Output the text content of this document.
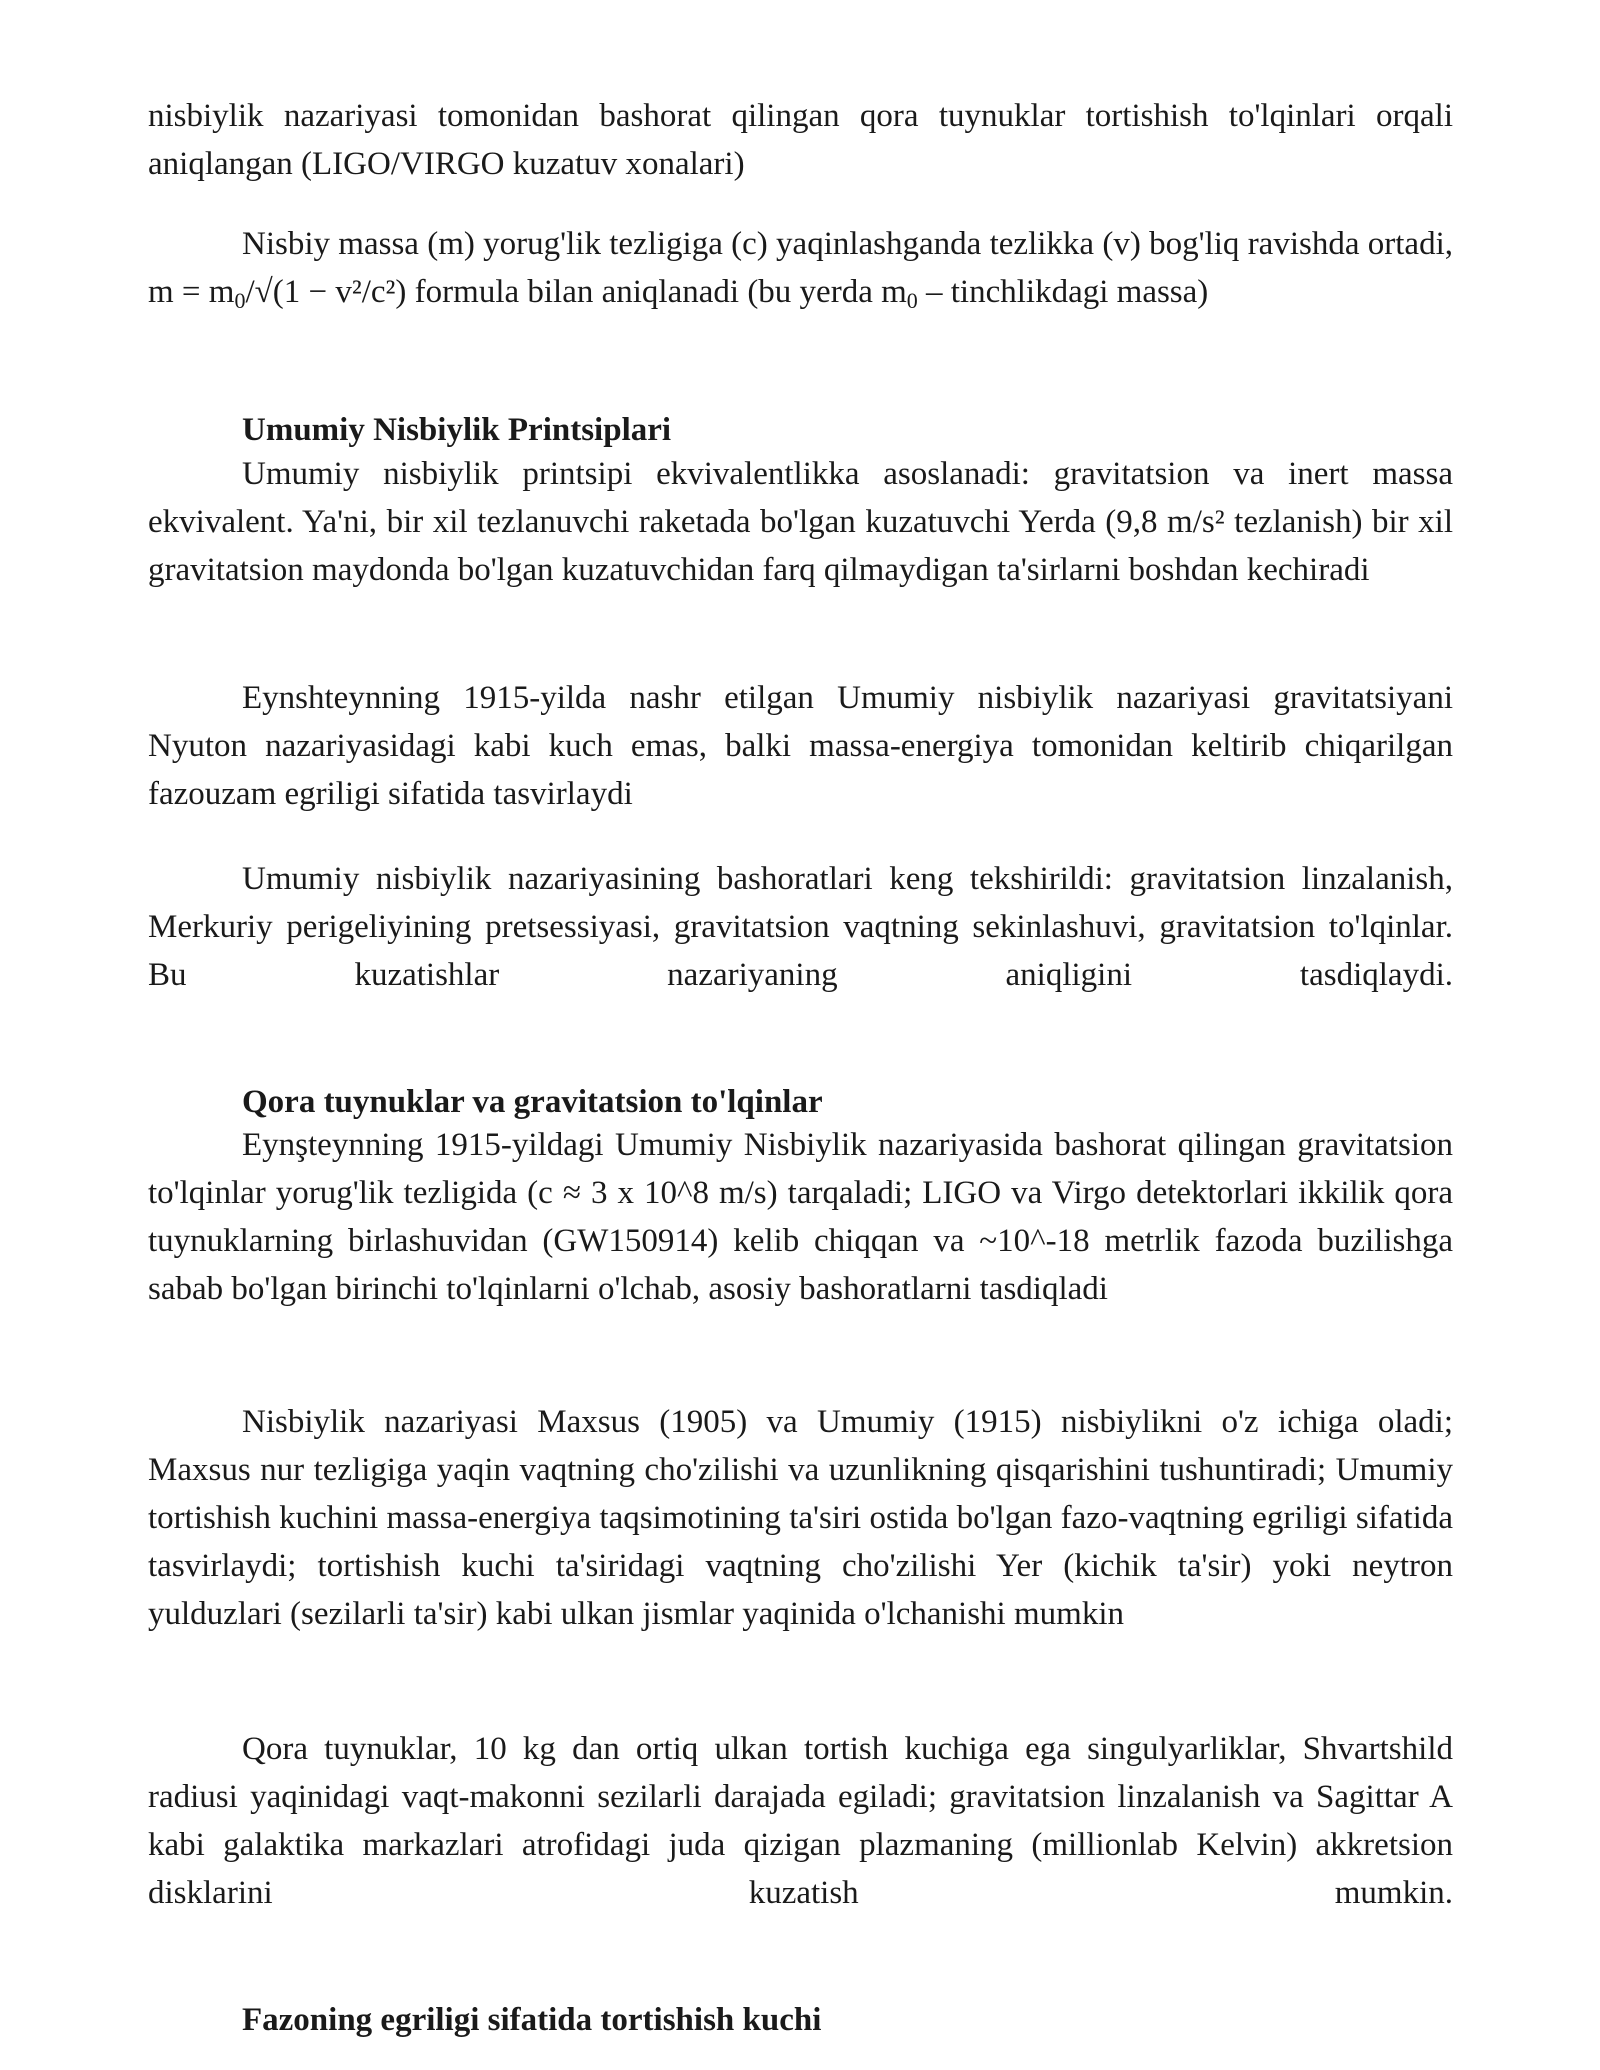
nisbiylik nazariyasi tomonidan bashorat qilingan qora tuynuklar tortishish to'lqinlari orqali aniqlangan (LIGO/VIRGO kuzatuv xonalari)

Nisbiy massa (m) yorug'lik tezligiga (c) yaqinlashganda tezlikka (v) bog'liq ravishda ortadi, $m = m_0/√(1 - v^2/c^2)$ formula bilan aniqlanadi (bu yerda $m_0$ – tinchlikdagi massa)

Umumiy Nisbiylik Printsiplari

Umumiy nisbiylik printsipi ekvivalentlikka asoslanadi: gravitatsion va inert massa ekvivalent. Ya'ni, bir xil tezlanuvchi raketada bo'lgan kuzatuvchi Yerda (9,8 m/s² tezlanish) bir xil gravitatsion maydonda bo'lgan kuzatuvchidan farq qilmaydigan ta'sirlarni boshdan kechiradi

Eynshteynning 1915-yilda nashr etilgan Umumiy nisbiylik nazariyasi gravitatsiyani Nyuton nazariyasidagi kabi kuch emas, balki massa-energiya tomonidan keltirib chiqarilgan fazouzam egriligi sifatida tasvirlaydi

Umumiy nisbiylik nazariyasining bashoratlari keng tekshirildi: gravitatsion linzalanish, Merkuriy perigeliyining pretsessiyasi, gravitatsion vaqtning sekinlashuvi, gravitatsion to'lqinlar. Bu kuzatishlar nazariyaning aniqligini tasdiqlaydi.

Qora tuynuklar va gravitatsion to'lqinlar

Eynşteynning 1915-yildagi Umumiy Nisbiylik nazariyasida bashorat qilingan gravitatsion to'lqinlar yorug'lik tezligida (c ≈ 3 x 10^8 m/s) tarqaladi; LIGO va Virgo detektorlari ikkilik qora tuynuklarning birlashuvidan (GW150914) kelib chiqqan va ~10^-18 metrlik fazoda buzilishga sabab bo'lgan birinchi to'lqinlarni o'lchab, asosiy bashoratlarni tasdiqladi

Nisbiylik nazariyasi Maxsus (1905) va Umumiy (1915) nisbiylikni o'z ichiga oladi; Maxsus nur tezligiga yaqin vaqtning cho'zilishi va uzunlikning qisqarishini tushuntiradi; Umumiy tortishish kuchini massa-energiya taqsimotining ta'siri ostida bo'lgan fazo-vaqtning egriligi sifatida tasvirlaydi; tortishish kuchi ta'siridagi vaqtning cho'zilishi Yer (kichik ta'sir) yoki neytron yulduzlari (sezilarli ta'sir) kabi ulkan jismlar yaqinida o'lchanishi mumkin

Qora tuynuklar, 10 kg dan ortiq ulkan tortish kuchiga ega singulyarliklar, Shvartshild radiusi yaqinidagi vaqt-makonni sezilarli darajada egiladi; gravitatsion linzalanish va Sagittar A kabi galaktika markazlari atrofidagi juda qizigan plazmaning (millionlab Kelvin) akkretsion disklarini kuzatish mumkin.

Fazoning egriligi sifatida tortishish kuchi
